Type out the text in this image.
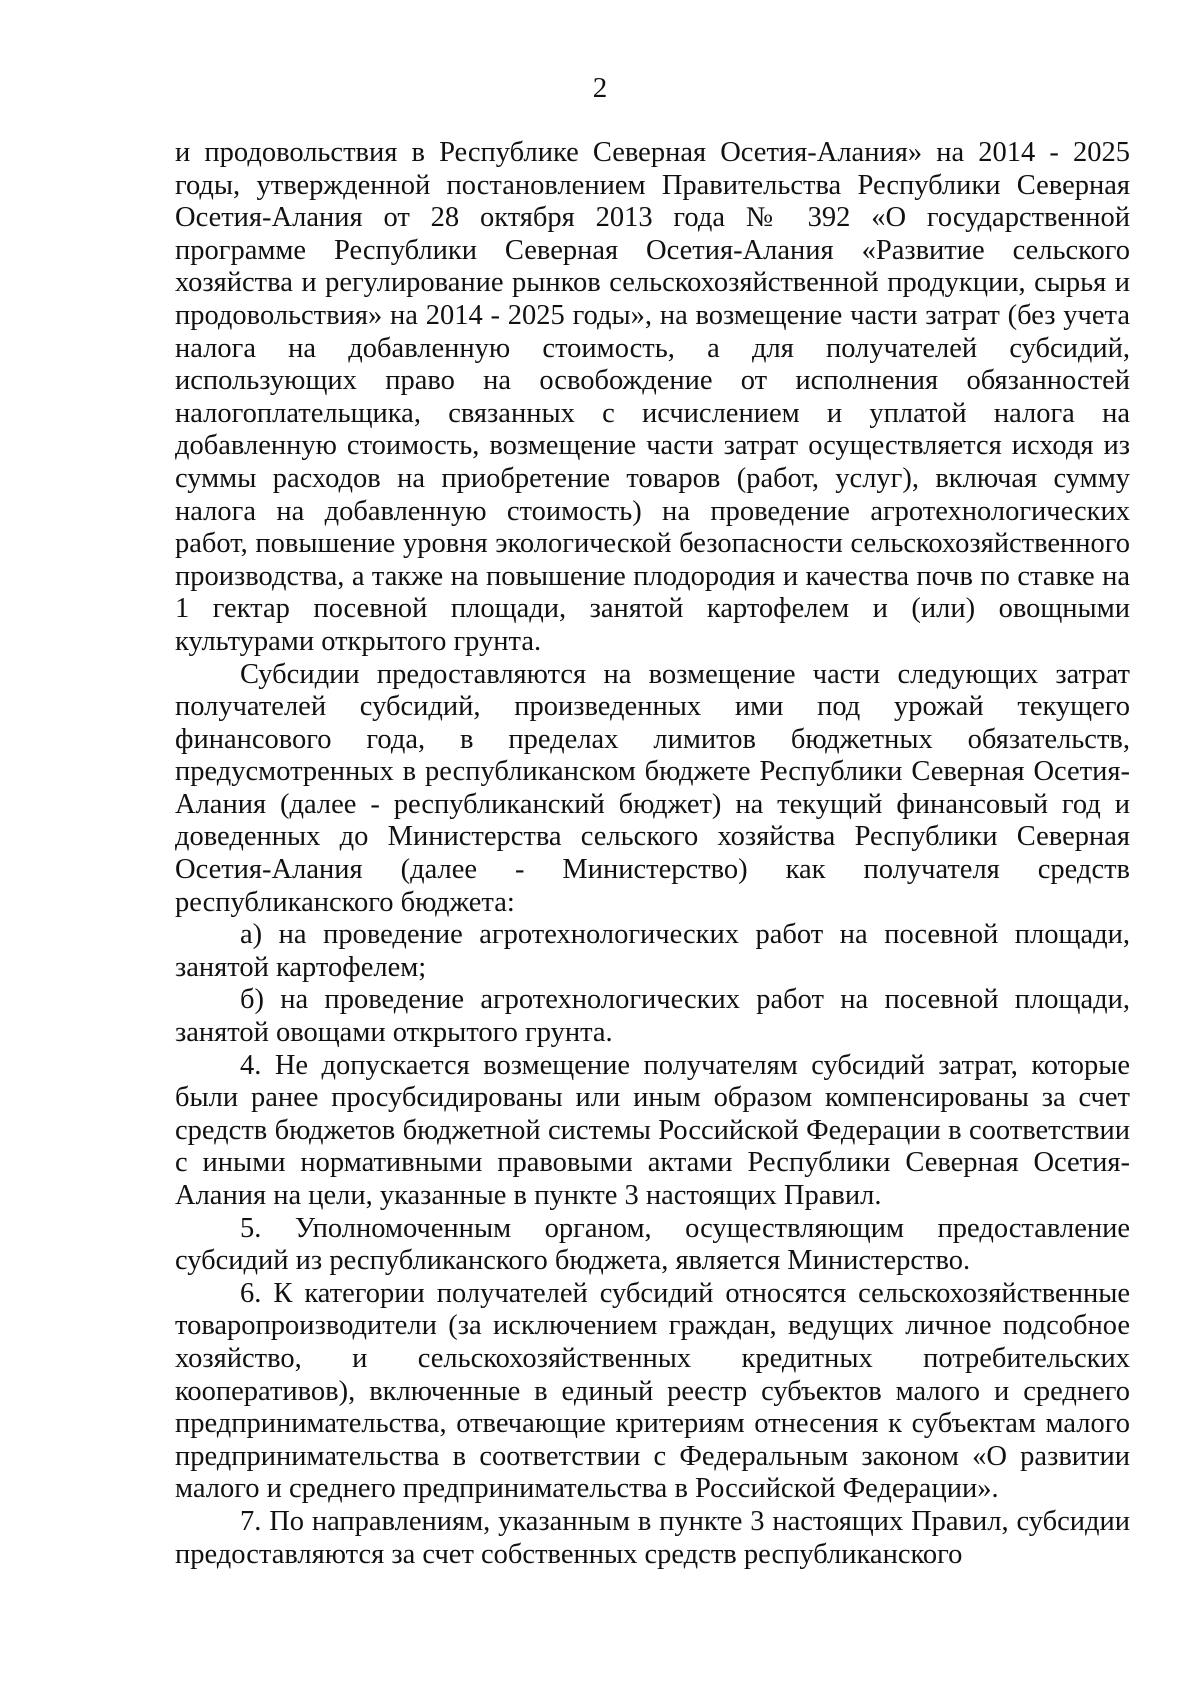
2

и продовольствия в Республике Северная Осетия-Алания» на 2014 - 2025 годы, утвержденной постановлением Правительства Республики Северная Осетия-Алания от 28 октября 2013 года № 392 «О государственной программе Республики Северная Осетия-Алания «Развитие сельского хозяйства и регулирование рынков сельскохозяйственной продукции, сырья и продовольствия» на 2014 - 2025 годы», на возмещение части затрат (без учета налога на добавленную стоимость, а для получателей субсидий, использующих право на освобождение от исполнения обязанностей налогоплательщика, связанных с исчислением и уплатой налога на добавленную стоимость, возмещение части затрат осуществляется исходя из суммы расходов на приобретение товаров (работ, услуг), включая сумму налога на добавленную стоимость) на проведение агротехнологических работ, повышение уровня экологической безопасности сельскохозяйственного производства, а также на повышение плодородия и качества почв по ставке на 1 гектар посевной площади, занятой картофелем и (или) овощными культурами открытого грунта.

Субсидии предоставляются на возмещение части следующих затрат получателей субсидий, произведенных ими под урожай текущего финансового года, в пределах лимитов бюджетных обязательств, предусмотренных в республиканском бюджете Республики Северная Осетия-Алания (далее - республиканский бюджет) на текущий финансовый год и доведенных до Министерства сельского хозяйства Республики Северная Осетия-Алания (далее - Министерство) как получателя средств республиканского бюджета:

а) на проведение агротехнологических работ на посевной площади, занятой картофелем;

б) на проведение агротехнологических работ на посевной площади, занятой овощами открытого грунта.

4. Не допускается возмещение получателям субсидий затрат, которые были ранее просубсидированы или иным образом компенсированы за счет средств бюджетов бюджетной системы Российской Федерации в соответствии с иными нормативными правовыми актами Республики Северная Осетия-Алания на цели, указанные в пункте 3 настоящих Правил.

5. Уполномоченным органом, осуществляющим предоставление субсидий из республиканского бюджета, является Министерство.

6. К категории получателей субсидий относятся сельскохозяйственные товаропроизводители (за исключением граждан, ведущих личное подсобное хозяйство, и сельскохозяйственных кредитных потребительских кооперативов), включенные в единый реестр субъектов малого и среднего предпринимательства, отвечающие критериям отнесения к субъектам малого предпринимательства в соответствии с Федеральным законом «О развитии малого и среднего предпринимательства в Российской Федерации».

7. По направлениям, указанным в пункте 3 настоящих Правил, субсидии предоставляются за счет собственных средств республиканского
